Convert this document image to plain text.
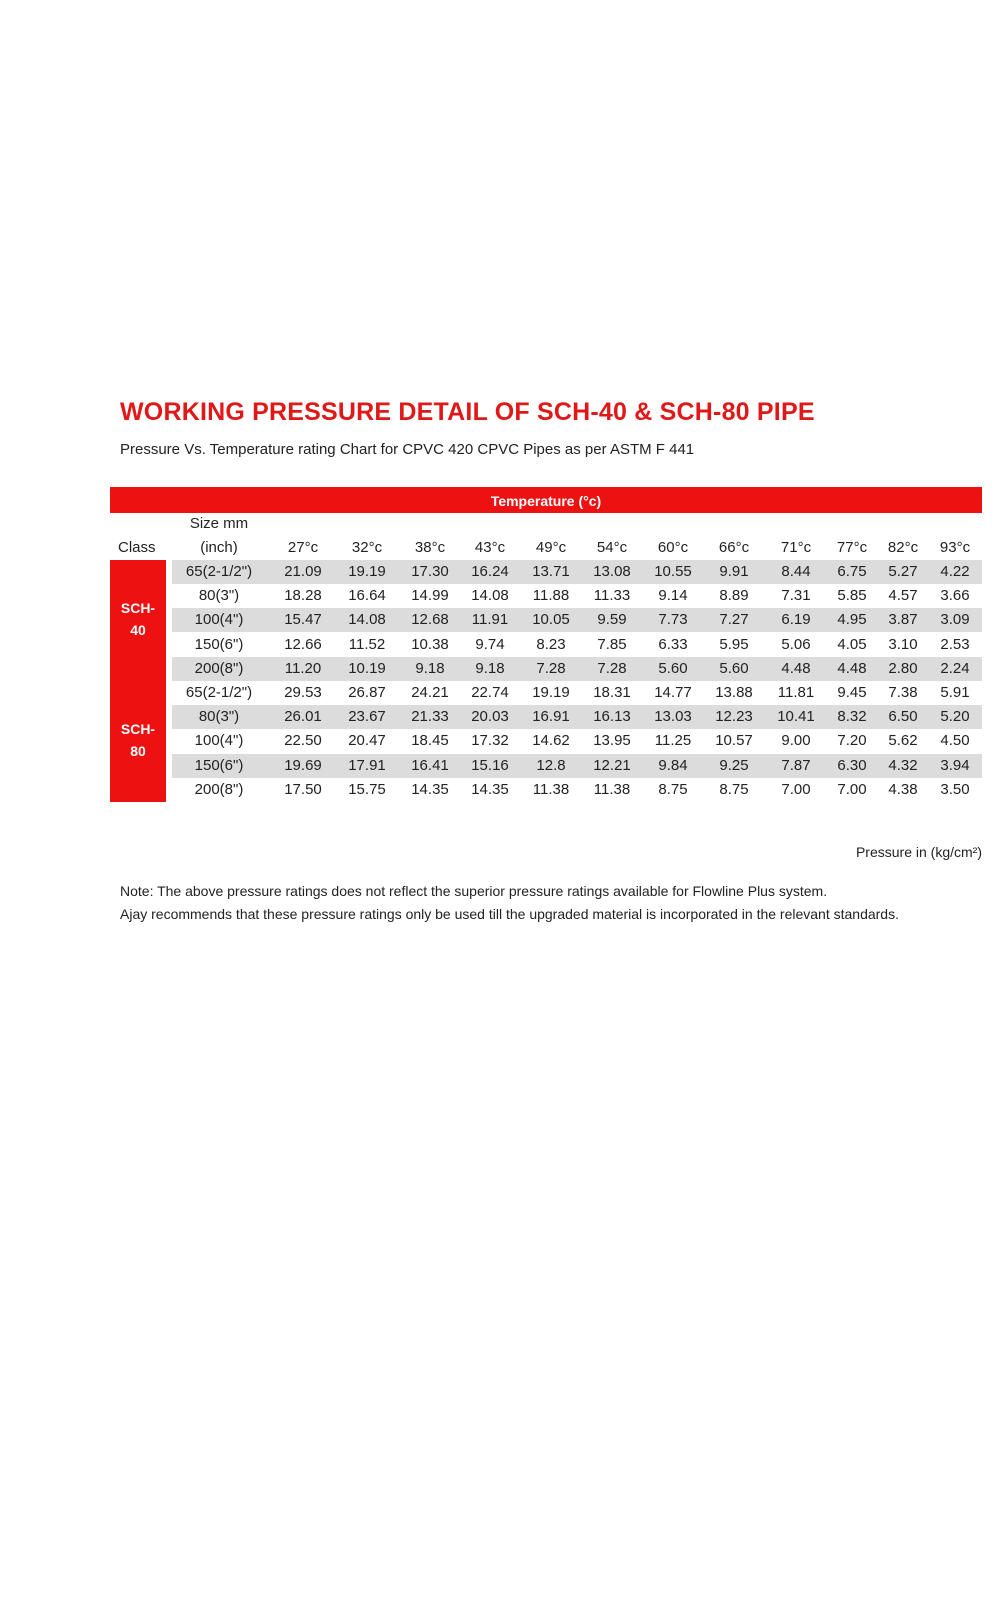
WORKING PRESSURE DETAIL OF SCH-40 & SCH-80 PIPE

Pressure Vs. Temperature rating Chart for CPVC 420 CPVC Pipes as per ASTM F 441

Temperature (°c)
Size mm
(inch)
Class	27°c	32°c	38°c	43°c	49°c	54°c	60°c	66°c	71°c	77°c	82°c	93°c
SCH-
40
65(2-1/2")	21.09	19.19	17.30	16.24	13.71	13.08	10.55	9.91	8.44	6.75	5.27	4.22
80(3")	18.28	16.64	14.99	14.08	11.88	11.33	9.14	8.89	7.31	5.85	4.57	3.66
100(4")	15.47	14.08	12.68	11.91	10.05	9.59	7.73	7.27	6.19	4.95	3.87	3.09
150(6")	12.66	11.52	10.38	9.74	8.23	7.85	6.33	5.95	5.06	4.05	3.10	2.53
200(8")	11.20	10.19	9.18	9.18	7.28	7.28	5.60	5.60	4.48	4.48	2.80	2.24
SCH-
80
65(2-1/2")	29.53	26.87	24.21	22.74	19.19	18.31	14.77	13.88	11.81	9.45	7.38	5.91
80(3")	26.01	23.67	21.33	20.03	16.91	16.13	13.03	12.23	10.41	8.32	6.50	5.20
100(4")	22.50	20.47	18.45	17.32	14.62	13.95	11.25	10.57	9.00	7.20	5.62	4.50
150(6")	19.69	17.91	16.41	15.16	12.8	12.21	9.84	9.25	7.87	6.30	4.32	3.94
200(8")	17.50	15.75	14.35	14.35	11.38	11.38	8.75	8.75	7.00	7.00	4.38	3.50

Pressure in (kg/cm²)

Note: The above pressure ratings does not reflect the superior pressure ratings available for Flowline Plus system.

Ajay recommends that these pressure ratings only be used till the upgraded material is incorporated in the relevant standards.
